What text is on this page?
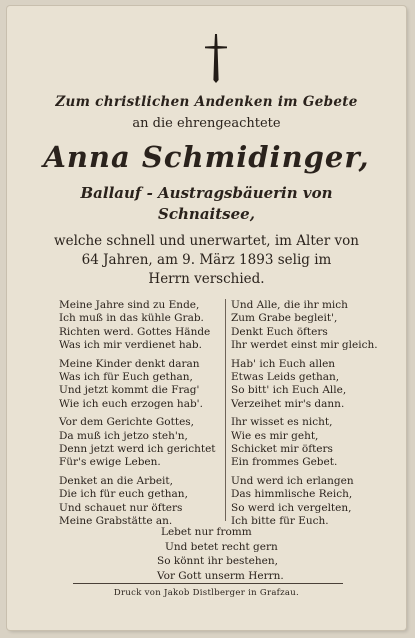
Zum christlichen Andenken im Gebete
an die ehrengeachtete
Anna Schmidinger,
Ballauf - Austragsbäuerin von
Schnaitsee,
welche schnell und unerwartet, im Alter von
64 Jahren, am 9. März 1893 selig im
Herrn verschied.
Meine Jahre sind zu Ende,
Ich muß in das kühle Grab.
Richten werd. Gottes Hände
Was ich mir verdienet hab.
Meine Kinder denkt daran
Was ich für Euch gethan,
Und jetzt kommt die Frag'
Wie ich euch erzogen hab'.
Vor dem Gerichte Gottes,
Da muß ich jetzo steh'n,
Denn jetzt werd ich gerichtet
Für's ewige Leben.
Denket an die Arbeit,
Die ich für euch gethan,
Und schauet nur öfters
Meine Grabstätte an.
Und Alle, die ihr mich
Zum Grabe begleit',
Denkt Euch öfters
Ihr werdet einst mir gleich.
Hab' ich Euch allen
Etwas Leids gethan,
So bitt' ich Euch Alle,
Verzeihet mir's dann.
Ihr wisset es nicht,
Wie es mir geht,
Schicket mir öfters
Ein frommes Gebet.
Und werd ich erlangen
Das himmlische Reich,
So werd ich vergelten,
Ich bitte für Euch.
Lebet nur fromm
Und betet recht gern
So könnt ihr bestehen,
Vor Gott unserm Herrn.
Druck von Jakob Distlberger in Grafzau.
